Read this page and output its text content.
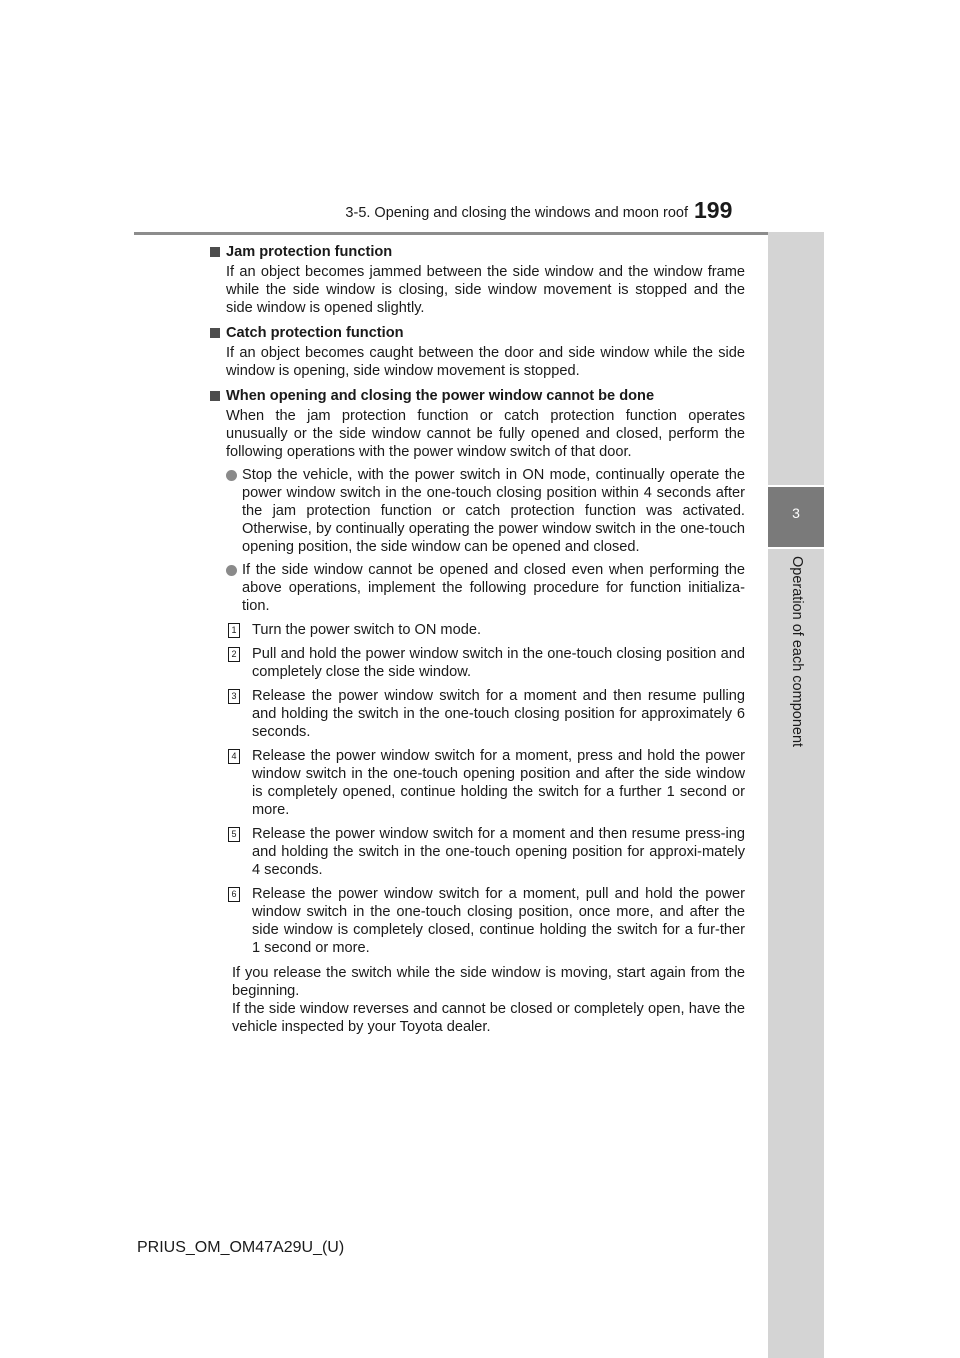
3-5. Opening and closing the windows and moon roof 199
3
Operation of each component
Jam protection function
If an object becomes jammed between the side window and the window frame while the side window is closing, side window movement is stopped and the side window is opened slightly.
Catch protection function
If an object becomes caught between the door and side window while the side window is opening, side window movement is stopped.
When opening and closing the power window cannot be done
When the jam protection function or catch protection function operates unusually or the side window cannot be fully opened and closed, perform the following operations with the power window switch of that door.
Stop the vehicle, with the power switch in ON mode, continually operate the power window switch in the one-touch closing position within 4 seconds after the jam protection function or catch protection function was activated. Otherwise, by continually operating the power window switch in the one-touch opening position, the side window can be opened and closed.
If the side window cannot be opened and closed even when performing the above operations, implement the following procedure for function initializa-tion.
1 Turn the power switch to ON mode.
2 Pull and hold the power window switch in the one-touch closing position and completely close the side window.
3 Release the power window switch for a moment and then resume pulling and holding the switch in the one-touch closing position for approximately 6 seconds.
4 Release the power window switch for a moment, press and hold the power window switch in the one-touch opening position and after the side window is completely opened, continue holding the switch for a further 1 second or more.
5 Release the power window switch for a moment and then resume press-ing and holding the switch in the one-touch opening position for approxi-mately 4 seconds.
6 Release the power window switch for a moment, pull and hold the power window switch in the one-touch closing position, once more, and after the side window is completely closed, continue holding the switch for a fur-ther 1 second or more.
If you release the switch while the side window is moving, start again from the beginning.
If the side window reverses and cannot be closed or completely open, have the vehicle inspected by your Toyota dealer.
PRIUS_OM_OM47A29U_(U)
